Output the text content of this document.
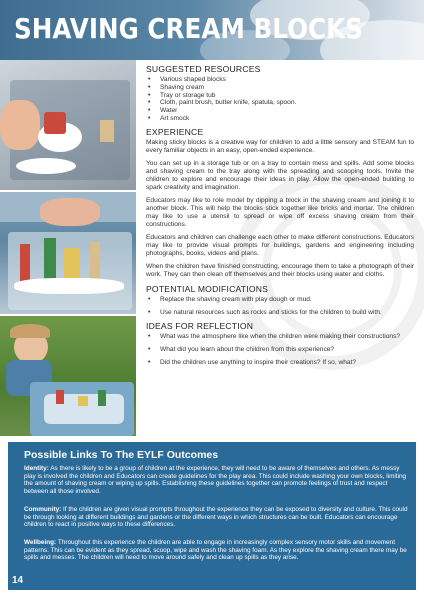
SHAVING CREAM BLOCKS
SUGGESTED RESOURCES
• Various shaped blocks
• Shaving cream
• Tray or storage tub
• Cloth, paint brush, butter knife, spatula, spoon.
• Water
• Art smock
EXPERIENCE

Making sticky blocks is a creative way for children to add a little sensory and STEAM fun to every familiar objects in an easy, open-ended experience.

You can set up in a storage tub or on a tray to contain mess and spills. Add some blocks and shaving cream to the tray along with the spreading and scooping tools. Invite the children to explore and encourage their ideas in play. Allow the open-ended building to spark creativity and imagination.

Educators may like to role model by dipping a block in the shaving cream and joining it to another block. This will help the blocks stick together like bricks and mortar. The children may like to use a utensil to spread or wipe off excess shaving cream from their constructions.

Educators and children can challenge each other to make different constructions. Educators may like to provide visual prompts for buildings, gardens and engineering including photographs, books, videos and plans.

When the children have finished constructing, encourage them to take a photograph of their work. They can then clean off themselves and their blocks using water and cloths.

POTENTIAL MODIFICATIONS
• Replace the shaving cream with play dough or mud.
• Use natural resources such as rocks and sticks for the children to build with.
IDEAS FOR REFLECTION
• What was the atmosphere like when the children were making their constructions?
• What did you learn about the children from this experience?
• Did the children use anything to inspire their creations? If so, what?
Possible Links To The EYLF Outcomes

Identity: As there is likely to be a group of children at the experience, they will need to be aware of themselves and others. As messy play is involved the children and Educators can create guidelines for the play area. This could include washing your own blocks, limiting the amount of shaving cream or wiping up spills. Establishing these guidelines together can promote feelings of trust and respect between all those involved.

Community: If the children are given visual prompts throughout the experience they can be exposed to diversity and culture. This could be through looking at different buildings and gardens or the different ways in which structures can be built. Educators can encourage children to react in positive ways to these differences.

Wellbeing: Throughout this experience the children are able to engage in increasingly complex sensory motor skills and movement patterns. This can be evident as they spread, scoop, wipe and wash the shaving foam. As they explore the shaving cream there may be spills and messes. The children will need to move around safely and clean up spills as they arise.

14
